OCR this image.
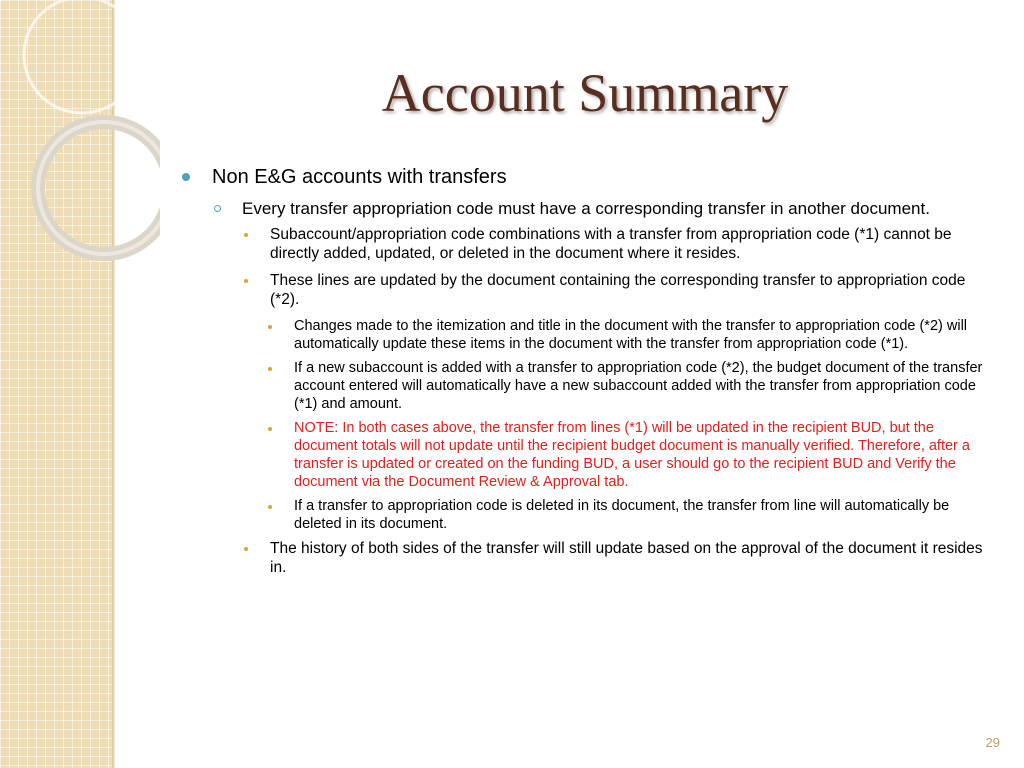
Account Summary
Non E&G accounts with transfers
Every transfer appropriation code must have a corresponding transfer in another document.
Subaccount/appropriation code combinations with a transfer from appropriation code (*1) cannot be directly added, updated, or deleted in the document where it resides.
These lines are updated by the document containing the corresponding transfer to appropriation code (*2).
Changes made to the itemization and title in the document with the transfer to appropriation code (*2) will automatically update these items in the document with the transfer from appropriation code (*1).
If a new subaccount is added with a transfer to appropriation code (*2), the budget document of the transfer account entered will automatically have a new subaccount added with the transfer from appropriation code (*1) and amount.
NOTE: In both cases above, the transfer from lines (*1) will be updated in the recipient BUD, but the document totals will not update until the recipient budget document is manually verified. Therefore, after a transfer is updated or created on the funding BUD, a user should go to the recipient BUD and Verify the document via the Document Review & Approval tab.
If a transfer to appropriation code is deleted in its document, the transfer from line will automatically be deleted in its document.
The history of both sides of the transfer will still update based on the approval of the document it resides in.
29
